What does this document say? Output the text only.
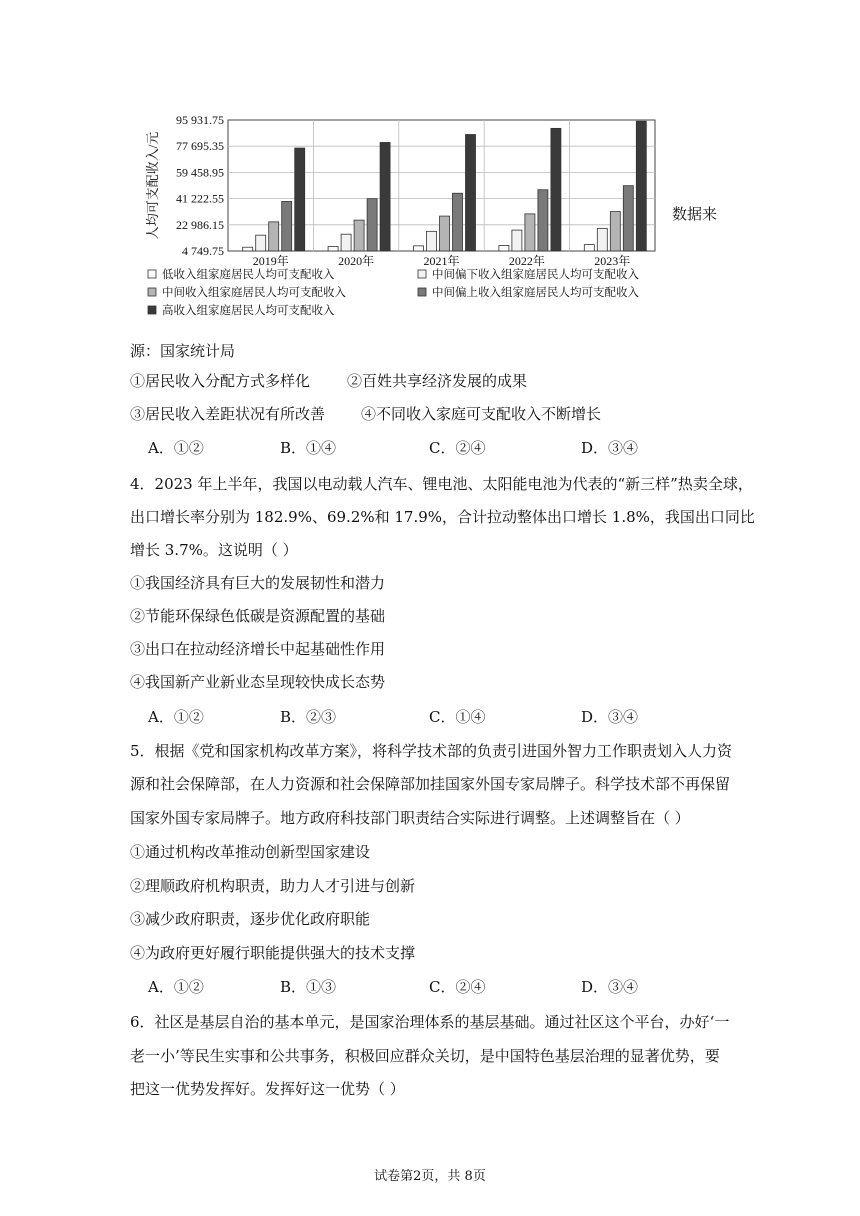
95 931.75
77 695.35
59 458.95
41 222.55
22 986.15
4 749.75
2019年	2020年	2021年	2022年	2023年
低收入组家庭居民人均可支配收入	中间偏下收入组家庭居民人均可支配收入
中间收入组家庭居民人均可支配收入	中间偏上收入组家庭居民人均可支配收入
高收入组家庭居民人均可支配收入
人均可支配收入/元	数据来
源：国家统计局
①居民收入分配方式多样化 ②百姓共享经济发展的成果
③居民收入差距状况有所改善 ④不同收入家庭可支配收入不断增长
A．①②	B．①④	C．②④	D．③④
4．2023 年上半年，我国以电动载人汽车、锂电池、太阳能电池为代表的“新三样”热卖全球，
出口增长率分别为 182.9%、69.2%和 17.9%，合计拉动整体出口增长 1.8%，我国出口同比
增长 3.7%。这说明（ ）
①我国经济具有巨大的发展韧性和潜力
②节能环保绿色低碳是资源配置的基础
③出口在拉动经济增长中起基础性作用
④我国新产业新业态呈现较快成长态势
A．①②	B．②③	C．①④	D．③④
5．根据《党和国家机构改革方案》，将科学技术部的负责引进国外智力工作职责划入人力资
源和社会保障部，在人力资源和社会保障部加挂国家外国专家局牌子。科学技术部不再保留
国家外国专家局牌子。地方政府科技部门职责结合实际进行调整。上述调整旨在（ ）
①通过机构改革推动创新型国家建设
②理顺政府机构职责，助力人才引进与创新
③减少政府职责，逐步优化政府职能
④为政府更好履行职能提供强大的技术支撑
A．①②	B．①③	C．②④	D．③④
6．社区是基层自治的基本单元，是国家治理体系的基层基础。通过社区这个平台，办好‘一
老一小’等民生实事和公共事务，积极回应群众关切，是中国特色基层治理的显著优势，要
把这一优势发挥好。发挥好这一优势（ ）
试卷第2页，共 8页
